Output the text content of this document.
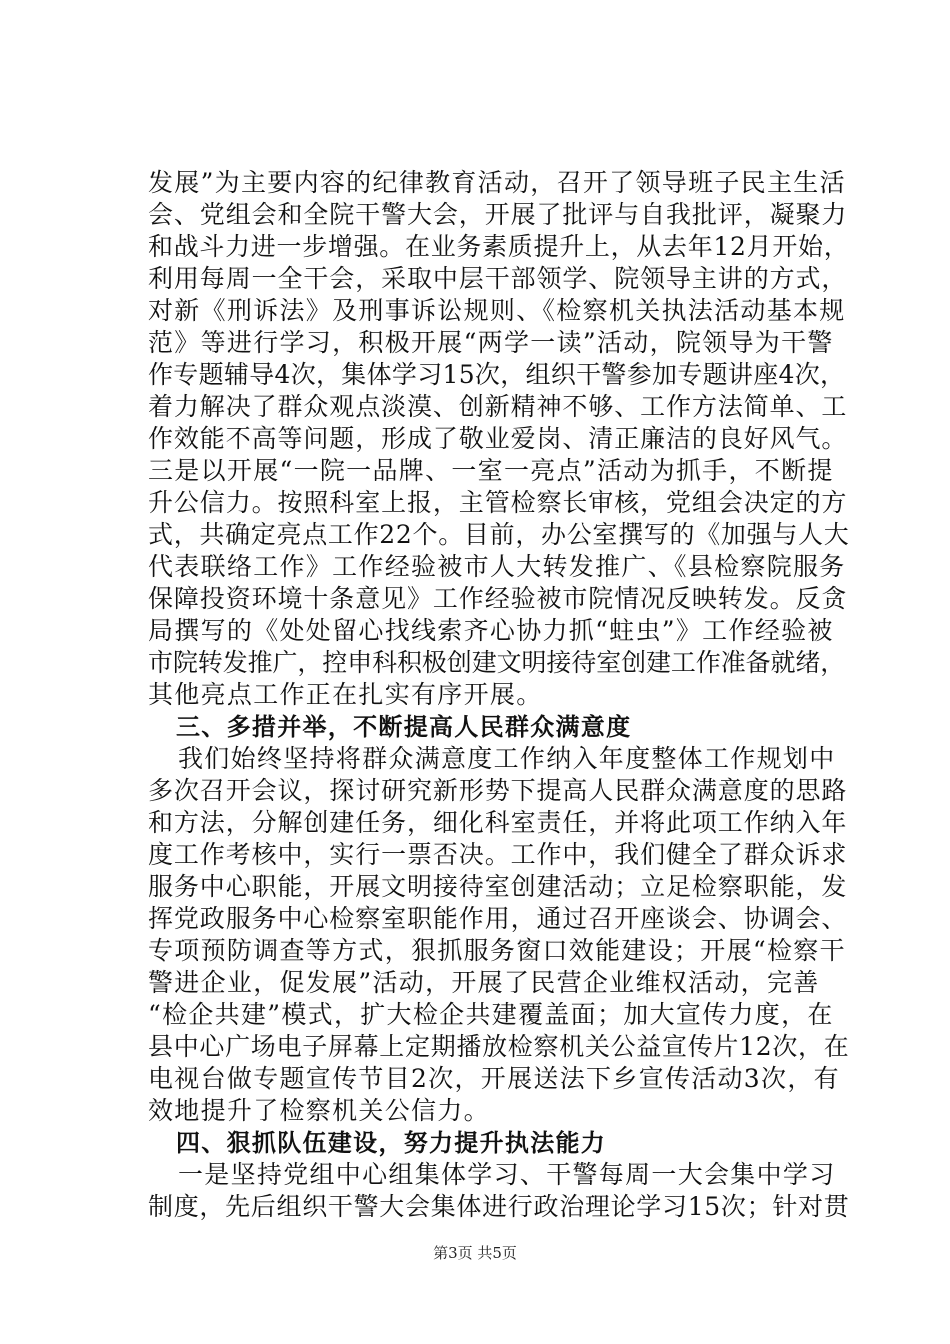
发展”为主要内容的纪律教育活动，召开了领导班子民主生活
会、党组会和全院干警大会，开展了批评与自我批评，凝聚力
和战斗力进一步增强。在业务素质提升上，从去年12月开始，
利用每周一全干会，采取中层干部领学、院领导主讲的方式，
对新《刑诉法》及刑事诉讼规则、《检察机关执法活动基本规
范》等进行学习，积极开展“两学一读”活动，院领导为干警
作专题辅导4次，集体学习15次，组织干警参加专题讲座4次，
着力解决了群众观点淡漠、创新精神不够、工作方法简单、工
作效能不高等问题，形成了敬业爱岗、清正廉洁的良好风气。
三是以开展“一院一品牌、一室一亮点”活动为抓手，不断提
升公信力。按照科室上报，主管检察长审核，党组会决定的方
式，共确定亮点工作22个。目前，办公室撰写的《加强与人大
代表联络工作》工作经验被市人大转发推广、《县检察院服务
保障投资环境十条意见》工作经验被市院情况反映转发。反贪
局撰写的《处处留心找线索齐心协力抓“蛀虫”》工作经验被
市院转发推广，控申科积极创建文明接待室创建工作准备就绪，
其他亮点工作正在扎实有序开展。
三、多措并举，不断提高人民群众满意度
我们始终坚持将群众满意度工作纳入年度整体工作规划中
多次召开会议，探讨研究新形势下提高人民群众满意度的思路
和方法，分解创建任务，细化科室责任，并将此项工作纳入年
度工作考核中，实行一票否决。工作中，我们健全了群众诉求
服务中心职能，开展文明接待室创建活动；立足检察职能，发
挥党政服务中心检察室职能作用，通过召开座谈会、协调会、
专项预防调查等方式，狠抓服务窗口效能建设；开展“检察干
警进企业，促发展”活动，开展了民营企业维权活动，完善
“检企共建”模式，扩大检企共建覆盖面；加大宣传力度，在
县中心广场电子屏幕上定期播放检察机关公益宣传片12次，在
电视台做专题宣传节目2次，开展送法下乡宣传活动3次，有
效地提升了检察机关公信力。
四、狠抓队伍建设，努力提升执法能力
一是坚持党组中心组集体学习、干警每周一大会集中学习
制度，先后组织干警大会集体进行政治理论学习15次；针对贯
第3页 共5页
